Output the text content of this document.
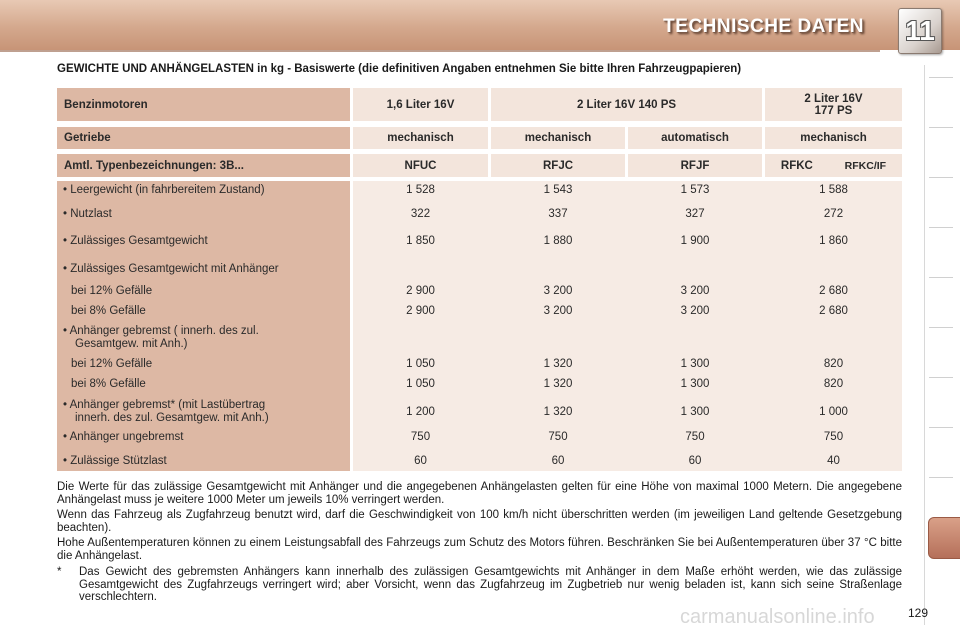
TECHNISCHE DATEN 11
GEWICHTE UND ANHÄNGELASTEN in kg - Basiswerte (die definitiven Angaben entnehmen Sie bitte Ihren Fahrzeugpapieren)
Benzinmotoren	1,6 Liter 16V	2 Liter 16V 140 PS	2 Liter 16V
177 PS
Getriebe	mechanisch	mechanisch	automatisch	mechanisch
Amtl. Typenbezeichnungen: 3B...	NFUC	RFJC	RFJF	RFKC	RFKC/IF
• Leergewicht (in fahrbereitem Zustand)	1 528	1 543	1 573	1 588
• Nutzlast	322	337	327	272
• Zulässiges Gesamtgewicht	1 850	1 880	1 900	1 860
• Zulässiges Gesamtgewicht mit Anhänger
bei 12% Gefälle	2 900	3 200	3 200	2 680
bei 8% Gefälle	2 900	3 200	3 200	2 680
• Anhänger gebremst ( innerh. des zul.
Gesamtgew. mit Anh.)
bei 12% Gefälle	1 050	1 320	1 300	820
bei 8% Gefälle	1 050	1 320	1 300	820
• Anhänger gebremst* (mit Lastübertrag
innerh. des zul. Gesamtgew. mit Anh.)	1 200	1 320	1 300	1 000
• Anhänger ungebremst	750	750	750	750
• Zulässige Stützlast	60	60	60	40
Die Werte für das zulässige Gesamtgewicht mit Anhänger und die angegebenen Anhängelasten gelten für eine Höhe von maximal 1000 Metern. Die angegebene Anhängelast muss je weitere 1000 Meter um jeweils 10% verringert werden.
Wenn das Fahrzeug als Zugfahrzeug benutzt wird, darf die Geschwindigkeit von 100 km/h nicht überschritten werden (im jeweiligen Land geltende Gesetzgebung beachten).
Hohe Außentemperaturen können zu einem Leistungsabfall des Fahrzeugs zum Schutz des Motors führen. Beschränken Sie bei Außentemperaturen über 37 °C bitte die Anhängelast.
* Das Gewicht des gebremsten Anhängers kann innerhalb des zulässigen Gesamtgewichts mit Anhänger in dem Maße erhöht werden, wie das zulässige Gesamtgewicht des Zugfahrzeugs verringert wird; aber Vorsicht, wenn das Zugfahrzeug im Zugbetrieb nur wenig beladen ist, kann sich seine Straßenlage verschlechtern.
carmanualsonline.info	129
